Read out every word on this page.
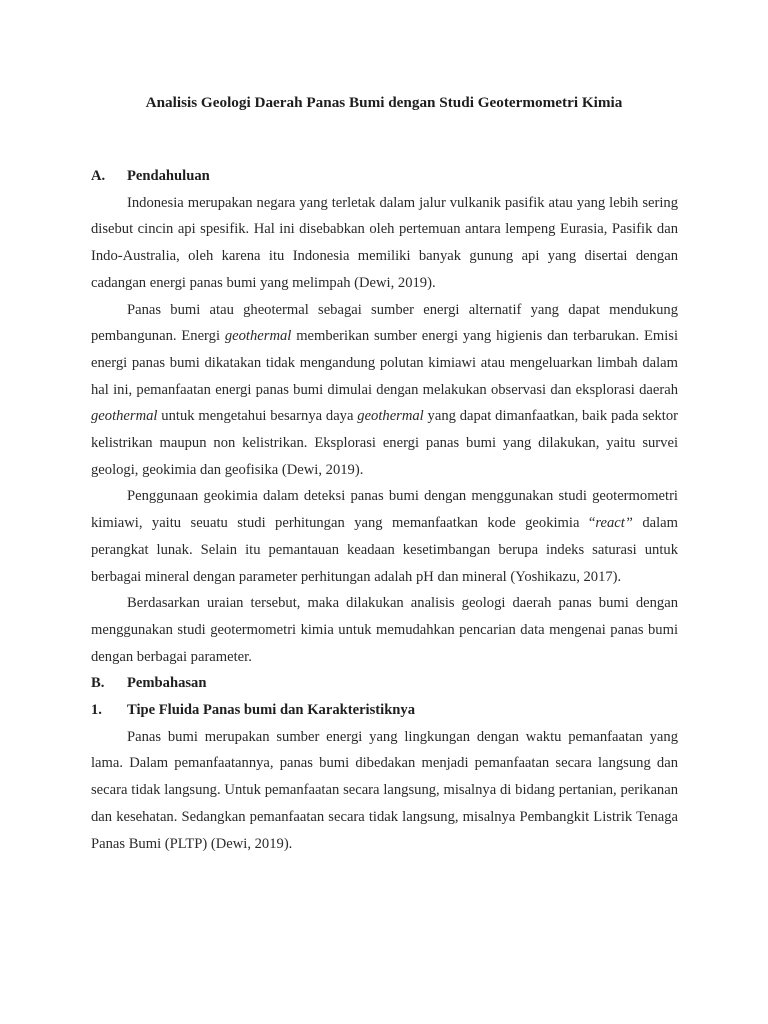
Analisis Geologi Daerah Panas Bumi dengan Studi Geotermometri Kimia

A. Pendahuluan

Indonesia merupakan negara yang terletak dalam jalur vulkanik pasifik atau yang lebih sering disebut cincin api spesifik. Hal ini disebabkan oleh pertemuan antara lempeng Eurasia, Pasifik dan Indo-Australia, oleh karena itu Indonesia memiliki banyak gunung api yang disertai dengan cadangan energi panas bumi yang melimpah (Dewi, 2019).

Panas bumi atau gheotermal sebagai sumber energi alternatif yang dapat mendukung pembangunan. Energi geothermal memberikan sumber energi yang higienis dan terbarukan. Emisi energi panas bumi dikatakan tidak mengandung polutan kimiawi atau mengeluarkan limbah dalam hal ini, pemanfaatan energi panas bumi dimulai dengan melakukan observasi dan eksplorasi daerah geothermal untuk mengetahui besarnya daya geothermal yang dapat dimanfaatkan, baik pada sektor kelistrikan maupun non kelistrikan. Eksplorasi energi panas bumi yang dilakukan, yaitu survei geologi, geokimia dan geofisika (Dewi, 2019).

Penggunaan geokimia dalam deteksi panas bumi dengan menggunakan studi geotermometri kimiawi, yaitu seuatu studi perhitungan yang memanfaatkan kode geokimia “react” dalam perangkat lunak. Selain itu pemantauan keadaan kesetimbangan berupa indeks saturasi untuk berbagai mineral dengan parameter perhitungan adalah pH dan mineral (Yoshikazu, 2017).

Berdasarkan uraian tersebut, maka dilakukan analisis geologi daerah panas bumi dengan menggunakan studi geotermometri kimia untuk memudahkan pencarian data mengenai panas bumi dengan berbagai parameter.

B. Pembahasan

1. Tipe Fluida Panas bumi dan Karakteristiknya

Panas bumi merupakan sumber energi yang lingkungan dengan waktu pemanfaatan yang lama. Dalam pemanfaatannya, panas bumi dibedakan menjadi pemanfaatan secara langsung dan secara tidak langsung. Untuk pemanfaatan secara langsung, misalnya di bidang pertanian, perikanan dan kesehatan. Sedangkan pemanfaatan secara tidak langsung, misalnya Pembangkit Listrik Tenaga Panas Bumi (PLTP) (Dewi, 2019).
